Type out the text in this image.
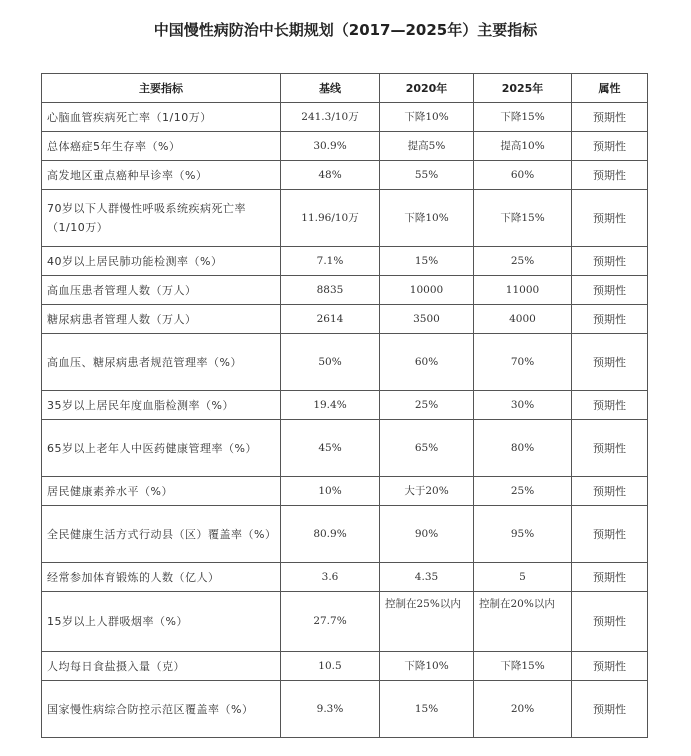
中国慢性病防治中长期规划（2017—2025年）主要指标
主要指标	基线	2020年	2025年	属性
心脑血管疾病死亡率（1/10万）	241.3/10万	下降10%	下降15%	预期性
总体癌症5年生存率（%）	30.9%	提高5%	提高10%	预期性
高发地区重点癌种早诊率（%）	48%	55%	60%	预期性
70岁以下人群慢性呼吸系统疾病死亡率（1/10万）	11.96/10万	下降10%	下降15%	预期性
40岁以上居民肺功能检测率（%）	7.1%	15%	25%	预期性
高血压患者管理人数（万人）	8835	10000	11000	预期性
糖尿病患者管理人数（万人）	2614	3500	4000	预期性
高血压、糖尿病患者规范管理率（%）	50%	60%	70%	预期性
35岁以上居民年度血脂检测率（%）	19.4%	25%	30%	预期性
65岁以上老年人中医药健康管理率（%）	45%	65%	80%	预期性
居民健康素养水平（%）	10%	大于20%	25%	预期性
全民健康生活方式行动县（区）覆盖率（%）	80.9%	90%	95%	预期性
经常参加体育锻炼的人数（亿人）	3.6	4.35	5	预期性
15岁以上人群吸烟率（%）	27.7%	控制在25%以内	控制在20%以内	预期性
人均每日食盐摄入量（克）	10.5	下降10%	下降15%	预期性
国家慢性病综合防控示范区覆盖率（%）	9.3%	15%	20%	预期性
